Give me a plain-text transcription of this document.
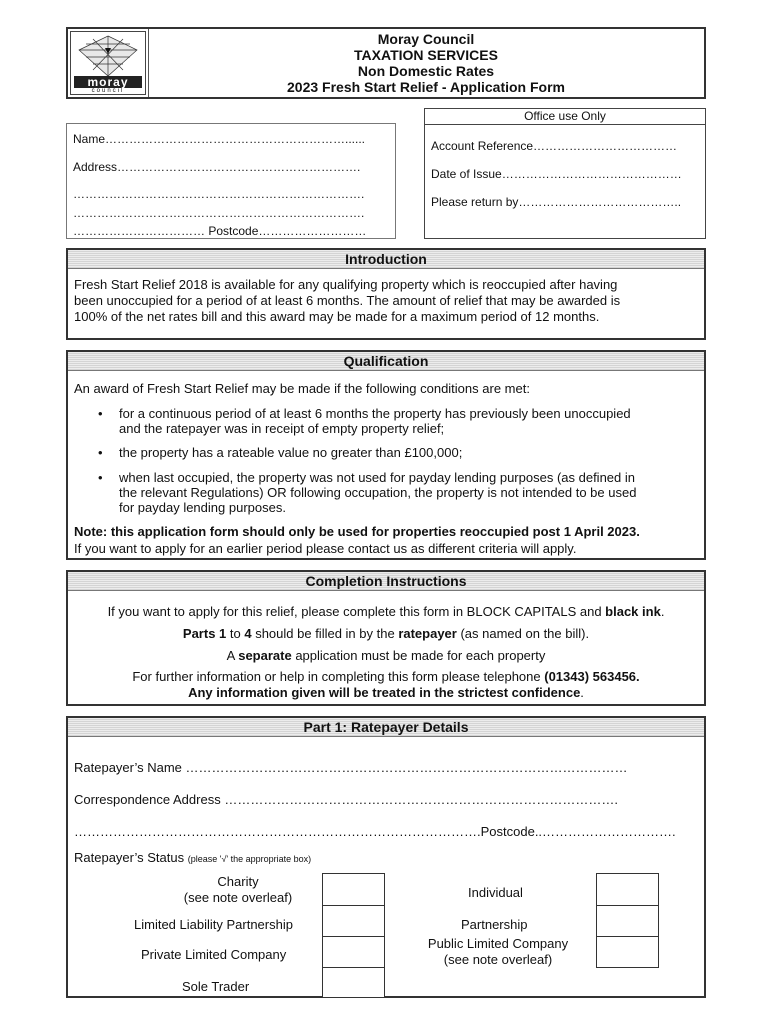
moray
council
Moray Council
TAXATION SERVICES
Non Domestic Rates
2023 Fresh Start Relief - Application Form
Name……………………………………………………......
Address…………………………………………………….
……………………………………………………………….
……………………………………………………………….
…………………………… Postcode………………………
Office use Only
Account Reference………………………………
Date of Issue………………………………………
Please return by…………………………………..
Introduction
Fresh Start Relief 2018 is available for any qualifying property which is reoccupied after having
been unoccupied for a period of at least 6 months. The amount of relief that may be awarded is
100% of the net rates bill and this award may be made for a maximum period of 12 months.
Qualification
An award of Fresh Start Relief may be made if the following conditions are met:
• for a continuous period of at least 6 months the property has previously been unoccupied
and the ratepayer was in receipt of empty property relief;
• the property has a rateable value no greater than £100,000;
• when last occupied, the property was not used for payday lending purposes (as defined in
the relevant Regulations) OR following occupation, the property is not intended to be used
for payday lending purposes.
Note: this application form should only be used for properties reoccupied post 1 April 2023.
If you want to apply for an earlier period please contact us as different criteria will apply.
Completion Instructions
If you want to apply for this relief, please complete this form in BLOCK CAPITALS and black ink.
Parts 1 to 4 should be filled in by the ratepayer (as named on the bill).
A separate application must be made for each property
For further information or help in completing this form please telephone (01343) 563456.
Any information given will be treated in the strictest confidence.
Part 1: Ratepayer Details
Ratepayer’s Name …………………………………………………………………………………………
Correspondence Address ……………………………………………………………………………….
………………………………………………………………………………….Postcode..………………………….
Ratepayer’s Status (please '√' the appropriate box)
Charity
(see note overleaf)
Limited Liability Partnership
Private Limited Company
Sole Trader
Individual
Partnership
Public Limited Company
(see note overleaf)
